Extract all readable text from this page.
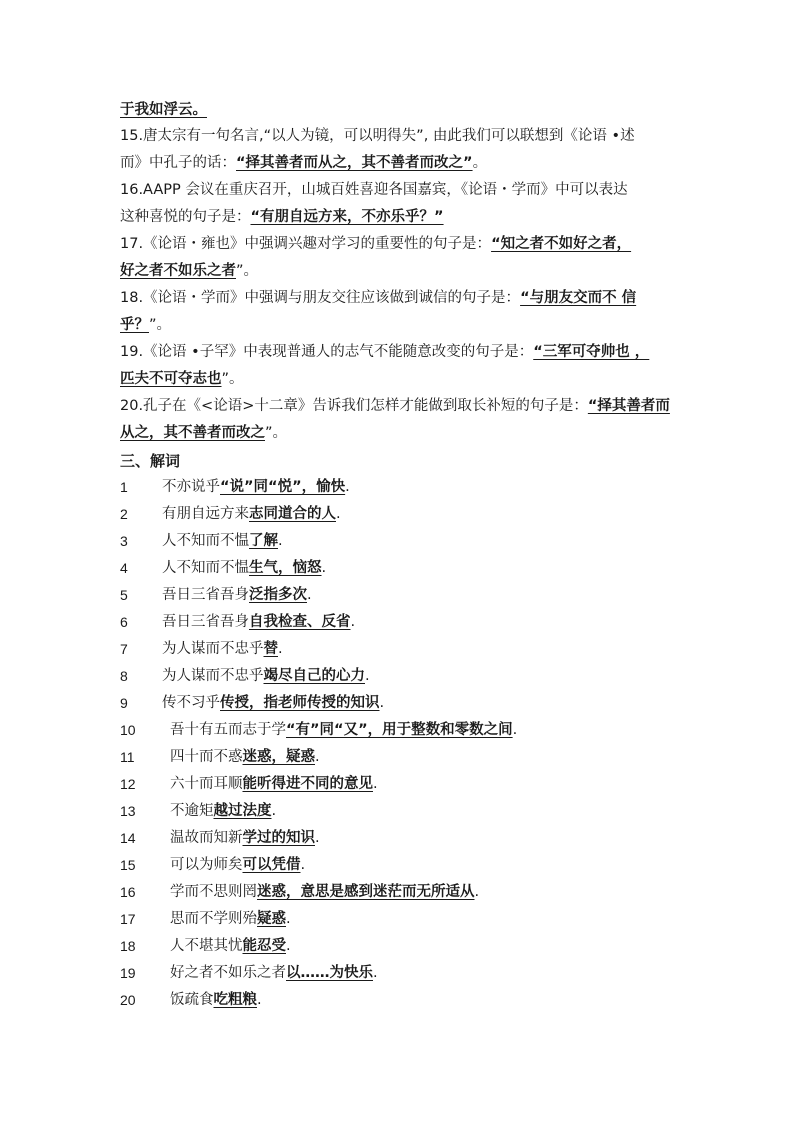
于我如浮云。
15.唐太宗有一句名言,“以人为镜，可以明得失”, 由此我们可以联想到《论语 •述
而》中孔子的话：“择其善者而从之，其不善者而改之”。
16.AAPP 会议在重庆召开，山城百姓喜迎各国嘉宾，《论语・学而》中可以表达
这种喜悦的句子是：“有朋自远方来，不亦乐乎？”
17.《论语・雍也》中强调兴趣对学习的重要性的句子是：“知之者不如好之者，
好之者不如乐之者”。
18.《论语・学而》中强调与朋友交往应该做到诚信的句子是：“与朋友交而不 信
乎？”。
19.《论语 •子罕》中表现普通人的志气不能随意改变的句子是：“三军可夺帅也 ，
匹夫不可夺志也”。
20.孔子在《<论语>十二章》告诉我们怎样才能做到取长补短的句子是：“择其善者而
从之，其不善者而改之”。
三、解词
1	不亦说乎“说”同“悦”，愉快.
2	有朋自远方来志同道合的人.
3	人不知而不愠了解.
4	人不知而不愠生气，恼怒.
5	吾日三省吾身泛指多次.
6	吾日三省吾身自我检查、反省.
7	为人谋而不忠乎替.
8	为人谋而不忠乎竭尽自己的心力.
9	传不习乎传授，指老师传授的知识.
10	吾十有五而志于学“有”同“又”，用于整数和零数之间.
11	四十而不惑迷惑，疑惑.
12	六十而耳顺能听得进不同的意见.
13	不逾矩越过法度.
14	温故而知新学过的知识.
15	可以为师矣可以凭借.
16	学而不思则罔迷惑，意思是感到迷茫而无所适从.
17	思而不学则殆疑惑.
18	人不堪其忧能忍受.
19	好之者不如乐之者以……为快乐.
20	饭疏食吃粗粮.
